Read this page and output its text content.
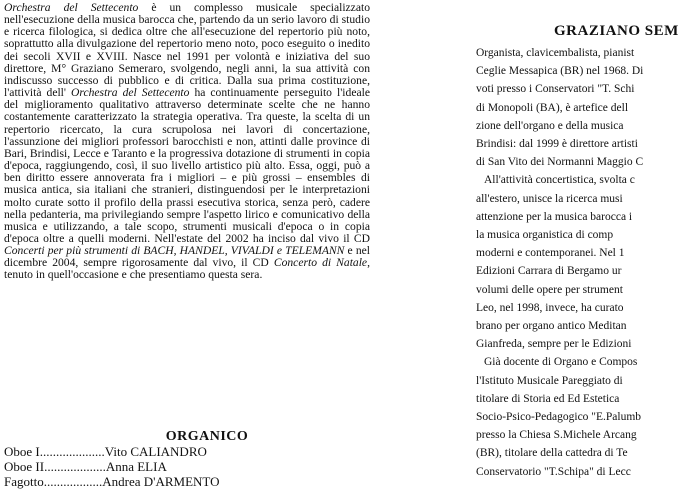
Orchestra del Settecento è un complesso musicale specializzato nell'esecuzione della musica barocca che, partendo da un serio lavoro di studio e ricerca filologica, si dedica oltre che all'esecuzione del repertorio più noto, soprattutto alla divulgazione del repertorio meno noto, poco eseguito o inedito dei secoli XVII e XVIII. Nasce nel 1991 per volontà e iniziativa del suo direttore, M° Graziano Semeraro, svolgendo, negli anni, la sua attività con indiscusso successo di pubblico e di critica. Dalla sua prima costituzione, l'attività dell' Orchestra del Settecento ha continuamente perseguito l'ideale del miglioramento qualitativo attraverso determinate scelte che ne hanno costantemente caratterizzato la strategia operativa. Tra queste, la scelta di un repertorio ricercato, la cura scrupolosa nei lavori di concertazione, l'assunzione dei migliori professori barocchisti e non, attinti dalle province di Bari, Brindisi, Lecce e Taranto e la progressiva dotazione di strumenti in copia d'epoca, raggiungendo, così, il suo livello artistico più alto. Essa, oggi, può a ben diritto essere annoverata fra i migliori – e più grossi – ensembles di musica antica, sia italiani che stranieri, distinguendosi per le interpretazioni molto curate sotto il profilo della prassi esecutiva storica, senza però, cadere nella pedanteria, ma privilegiando sempre l'aspetto lirico e comunicativo della musica e utilizzando, a tale scopo, strumenti musicali d'epoca o in copia d'epoca oltre a quelli moderni. Nell'estate del 2002 ha inciso dal vivo il CD Concerti per più strumenti di BACH, HANDEL, VIVALDI e TELEMANN e nel dicembre 2004, sempre rigorosamente dal vivo, il CD Concerto di Natale, tenuto in quell'occasione e che presentiamo questa sera.

ORGANICO
Oboe I....................Vito CALIANDRO
Oboe II...................Anna ELIA
Fagotto..................Andrea D'ARMENTO
GRAZIANO SEM
Organista, clavicembalista, pianist
Ceglie Messapica (BR) nel 1968. Di
voti presso i Conservatori "T. Schi
di Monopoli (BA), è artefice dell
zione dell'organo e della musica
Brindisi: dal 1999 è direttore artisti
di San Vito dei Normanni Maggio C
All'attività concertistica, svolta c
all'estero, unisce la ricerca musi
attenzione per la musica barocca i
la musica organistica di comp
moderni e contemporanei. Nel 1
Edizioni Carrara di Bergamo ur
volumi delle opere per strument
Leo, nel 1998, invece, ha curato
brano per organo antico Meditan
Gianfreda, sempre per le Edizioni
Già docente di Organo e Compos
l'Istituto Musicale Pareggiato di
titolare di Storia ed Ed Estetica
Socio-Psico-Pedagogico "E.Palumb
presso la Chiesa S.Michele Arcang
(BR), titolare della cattedra di Te
Conservatorio "T.Schipa" di Lecc
